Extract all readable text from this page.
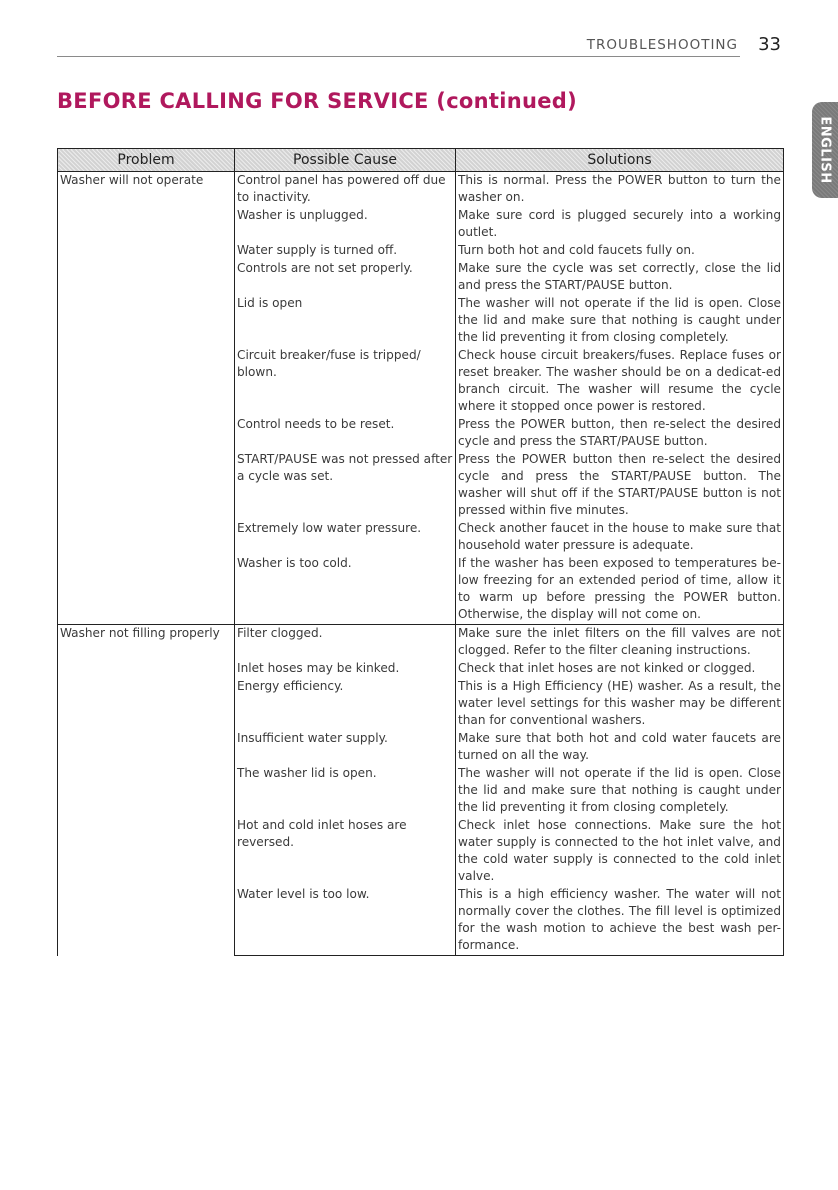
TROUBLESHOOTING 33
BEFORE CALLING FOR SERVICE (continued)
ENGLISH
Problem	Possible Cause	Solutions
Washer will not operate	Control panel has powered off due to inactivity.	This is normal. Press the POWER button to turn the washer on.
	Washer is unplugged.	Make sure cord is plugged securely into a working outlet.
	Water supply is turned off.	Turn both hot and cold faucets fully on.
	Controls are not set properly.	Make sure the cycle was set correctly, close the lid and press the START/PAUSE button.
	Lid is open	The washer will not operate if the lid is open. Close the lid and make sure that nothing is caught under the lid preventing it from closing completely.
	Circuit breaker/fuse is tripped/ blown.	Check house circuit breakers/fuses. Replace fuses or reset breaker. The washer should be on a dedicat-ed branch circuit. The washer will resume the cycle where it stopped once power is restored.
	Control needs to be reset.	Press the POWER button, then re-select the desired cycle and press the START/PAUSE button.
	START/PAUSE was not pressed after a cycle was set.	Press the POWER button then re-select the desired cycle and press the START/PAUSE button. The washer will shut off if the START/PAUSE button is not pressed within five minutes.
	Extremely low water pressure.	Check another faucet in the house to make sure that household water pressure is adequate.
	Washer is too cold.	If the washer has been exposed to temperatures be-low freezing for an extended period of time, allow it to warm up before pressing the POWER button. Otherwise, the display will not come on.
Washer not filling properly	Filter clogged.	Make sure the inlet filters on the fill valves are not clogged. Refer to the filter cleaning instructions.
	Inlet hoses may be kinked.	Check that inlet hoses are not kinked or clogged.
	Energy efficiency.	This is a High Efficiency (HE) washer. As a result, the water level settings for this washer may be different than for conventional washers.
	Insufficient water supply.	Make sure that both hot and cold water faucets are turned on all the way.
	The washer lid is open.	The washer will not operate if the lid is open. Close the lid and make sure that nothing is caught under the lid preventing it from closing completely.
	Hot and cold inlet hoses are reversed.	Check inlet hose connections. Make sure the hot water supply is connected to the hot inlet valve, and the cold water supply is connected to the cold inlet valve.
	Water level is too low.	This is a high efficiency washer. The water will not normally cover the clothes. The fill level is optimized for the wash motion to achieve the best wash per-formance.
